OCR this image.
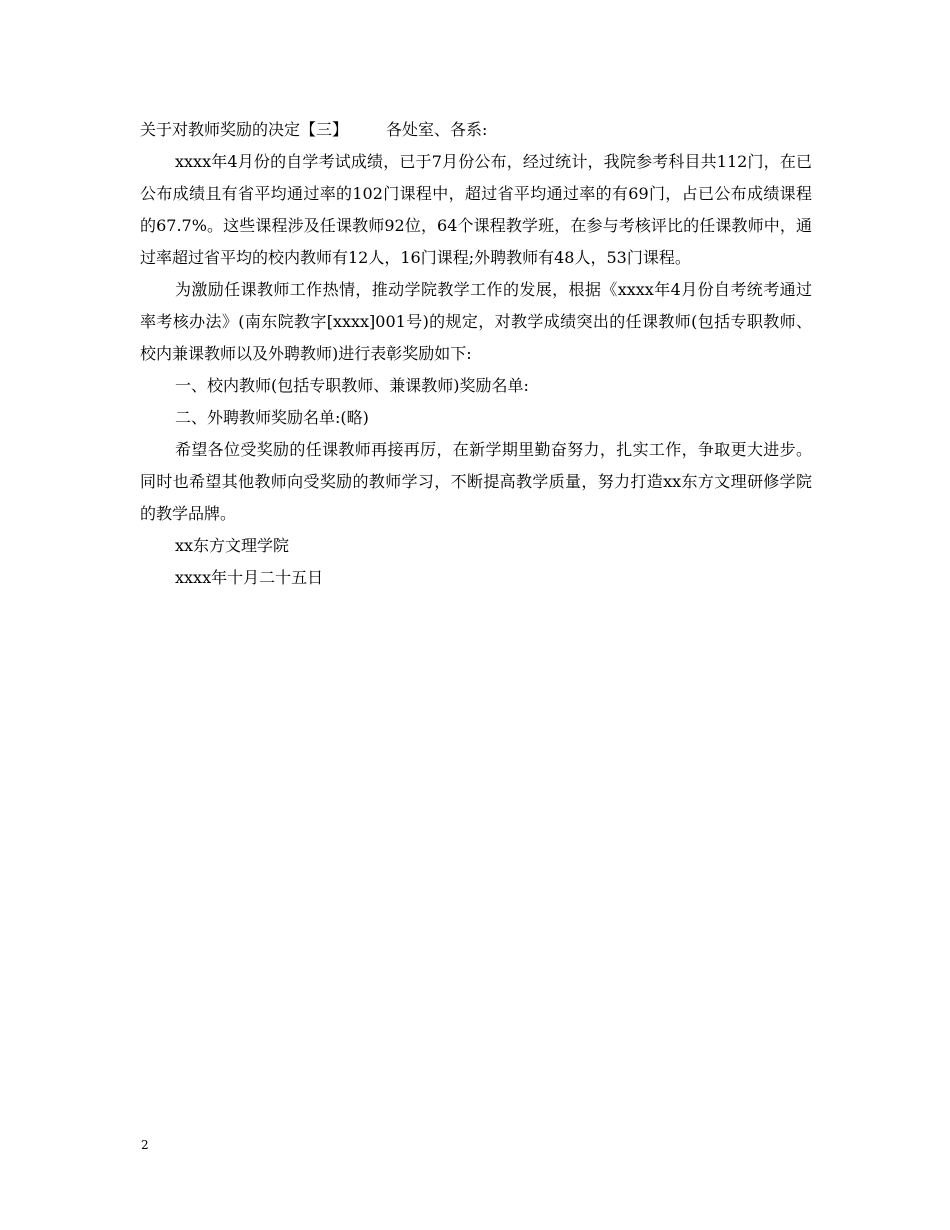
关于对教师奖励的决定【三】 各处室、各系:

xxxx年4月份的自学考试成绩，已于7月份公布，经过统计，我院参考科目共112门，在已公布成绩且有省平均通过率的102门课程中，超过省平均通过率的有69门，占已公布成绩课程的67.7%。这些课程涉及任课教师92位，64个课程教学班，在参与考核评比的任课教师中，通过率超过省平均的校内教师有12人，16门课程;外聘教师有48人，53门课程。

为激励任课教师工作热情，推动学院教学工作的发展，根据《xxxx年4月份自考统考通过率考核办法》(南东院教字[xxxx]001号)的规定，对教学成绩突出的任课教师(包括专职教师、校内兼课教师以及外聘教师)进行表彰奖励如下:

一、校内教师(包括专职教师、兼课教师)奖励名单:

二、外聘教师奖励名单:(略)

希望各位受奖励的任课教师再接再厉，在新学期里勤奋努力，扎实工作，争取更大进步。同时也希望其他教师向受奖励的教师学习，不断提高教学质量，努力打造xx东方文理研修学院的教学品牌。

xx东方文理学院

xxxx年十月二十五日

2
